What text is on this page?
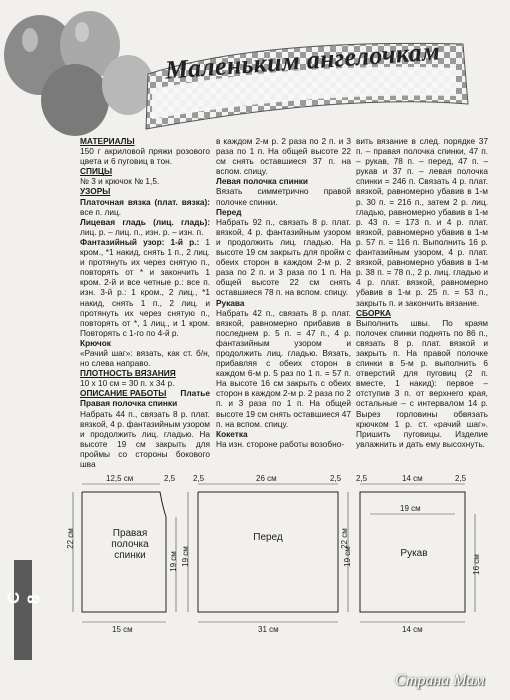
Маленьким ангелочкам

МАТЕРИАЛЫ

150 г акриловой пряжи розового цвета и 6 пуговиц в тон.

СПИЦЫ

№ 3 и крючок № 1,5.

УЗОРЫ

Платочная вязка (плат. вязка): все п. лиц.

Лицевая гладь (лиц. гладь): лиц. р. – лиц. п., изн. р. – изн. п.

Фантазийный узор: 1-й р.: 1 кром., *1 накид, снять 1 п., 2 лиц. и протянуть их через снятую п., повторять от * и закончить 1 кром. 2-й и все четные р.: все п. изн. 3-й р.: 1 кром., 2 лиц., *1 накид, снять 1 п., 2 лиц. и протянуть их через снятую п., повторять от *, 1 лиц., и 1 кром. Повторять с 1-го по 4-й р.

Крючок

«Рачий шаг»: вязать, как ст. б/н, но слева направо.

ПЛОТНОСТЬ ВЯЗАНИЯ

10 х 10 см = 30 п. х 34 р.

ОПИСАНИЕ РАБОТЫ Платье

Правая полочка спинки

Набрать 44 п., связать 8 р. плат. вязкой, 4 р. фантазийным узором и продолжить лиц. гладью. На высоте 19 см закрыть для проймы со стороны бокового шва

в каждом 2-м р. 2 раза по 2 п. и 3 раза по 1 п. На общей высоте 22 см снять оставшиеся 37 п. на вспом. спицу.

Левая полочка спинки

Вязать симметрично правой полочке спинки.

Перед

Набрать 92 п., связать 8 р. плат. вязкой, 4 р. фантазийным узором и продолжить лиц. гладью. На высоте 19 см закрыть для пройм с обеих сторон в каждом 2-м р. 2 раза по 2 п. и 3 раза по 1 п. На общей высоте 22 см снять оставшиеся 78 п. на вспом. спицу.

Рукава

Набрать 42 п., связать 8 р. плат. вязкой, равномерно прибавив в последнем р. 5 п. = 47 п., 4 р. фантазийным узором и продолжить лиц. гладью. Вязать, прибавляя с обеих сторон в каждом 6-м р. 5 раз по 1 п. = 57 п. На высоте 16 см закрыть с обеих сторон в каждом 2-м р. 2 раза по 2 п. и 3 раза по 1 п. На общей высоте 19 см снять оставшиеся 47 п. на вспом. спицу.

Кокетка

На изн. стороне работы возобно-

вить вязание в след. порядке 37 п. – правая полочка спинки, 47 п. – рукав, 78 п. – перед, 47 п. – рукав и 37 п. – левая полочка спинки = 246 п. Связать 4 р. плат. вязкой, равномерно убавив в 1-м р. 30 п. = 216 п., затем 2 р. лиц. гладью, равномерно убавив в 1-м р. 43 п. = 173 п. и 4 р. плат. вязкой, равномерно убавив в 1-м р. 57 п. = 116 п. Выполнить 16 р. фантазийным узором, 4 р. плат. вязкой, равномерно убавив в 1-м р. 38 п. = 78 п., 2 р. лиц. гладью и 4 р. плат. вязкой, равномерно убавив в 1-м р. 25 п. = 53 п., закрыть п. и закончить вязание.

СБОРКА

Выполнить швы. По краям полочек спинки поднять по 86 п., связать 8 р. плат. вязкой и закрыть п. На правой полочке спинки в 5-м р. выполнить 6 отверстий для пуговиц (2 п. вместе, 1 накид): первое – отступив 3 п. от верхнего края, остальные – с интервалом 14 р. Вырез горловины обвязать крючком 1 р. ст. «рачий шаг». Пришить пуговицы. Изделие увлажнить и дать ему высохнуть.

12,5 см	2,5
22 см
19 см
15 см
Правая
полочка
спинки
2,5	26 см	2,5
19 см
22 см
31 см
Перед
2,5	14 см	2,5
19 см
19 см	16 см
14 см
Рукав
С 8
Страна Мам
